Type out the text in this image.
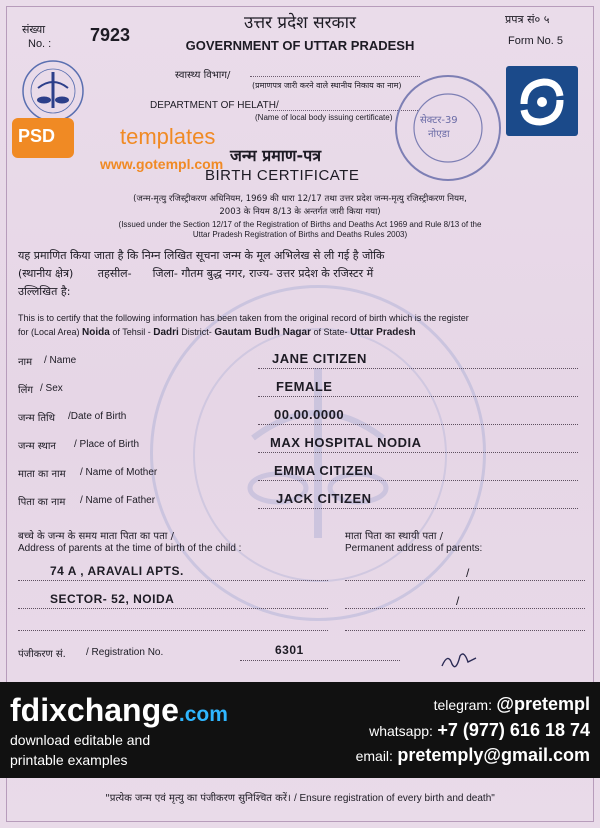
संख्या
No. : 7923
उत्तर प्रदेश सरकार
GOVERNMENT OF UTTAR PRADESH
प्रपत्र सं० ५
Form No. 5
PSD	templates
www.gotempl.com
स्वास्थ्य विभाग/
(प्रमाणपत्र जारी करने वाले स्थानीय निकाय का नाम)
DEPARTMENT OF HELATH/
(Name of local body issuing certificate)	सेक्टर-39
नोएडा
जन्म प्रमाण-पत्र
BIRTH CERTIFICATE
(जन्म-मृत्यु रजिस्ट्रीकरण अधिनियम, 1969 की धारा 12/17 तथा उत्तर प्रदेश जन्म-मृत्यु रजिस्ट्रीकरण नियम,
2003 के नियम 8/13 के अन्तर्गत जारी किया गया)
(Issued under the Section 12/17 of the Registration of Births and Deaths Act 1969 and Rule 8/13 of the
Uttar Pradesh Registration of Births and Deaths Rules 2003)
यह प्रमाणित किया जाता है कि निम्न लिखित सूचना जन्म के मूल अभिलेख से ली गई है जोकि
(स्थानीय क्षेत्र)       तहसील-      जिला- गौतम बुद्ध नगर, राज्य- उत्तर प्रदेश के रजिस्टर में
उल्लिखित है:
This is to certify that the following information has been taken from the original record of birth which is the register
for (Local Area) Noida of Tehsil - Dadri District- Gautam Budh Nagar of State- Uttar Pradesh
नाम / Name	JANE CITIZEN
लिंग / Sex	FEMALE
जन्म तिथि /Date of Birth	00.00.0000
जन्म स्थान / Place of Birth	MAX HOSPITAL NODIA
माता का नाम / Name of Mother	EMMA CITIZEN
पिता का नाम / Name of Father	JACK CITIZEN
बच्चे के जन्म के समय माता पिता का पता /
Address of parents at the time of birth of the child :
माता पिता का स्थायी पता /
Permanent address of parents:
74 A , ARAVALI APTS.	/
SECTOR- 52, NOIDA	/
पंजीकरण सं. / Registration No.	6301
fdixchange.com
download editable and
printable examples
telegram: @pretempl
whatsapp: +7 (977) 616 18 74
email: pretemply@gmail.com
"प्रत्येक जन्म एवं मृत्यु का पंजीकरण सुनिश्चित करें। / Ensure registration of every birth and death"
